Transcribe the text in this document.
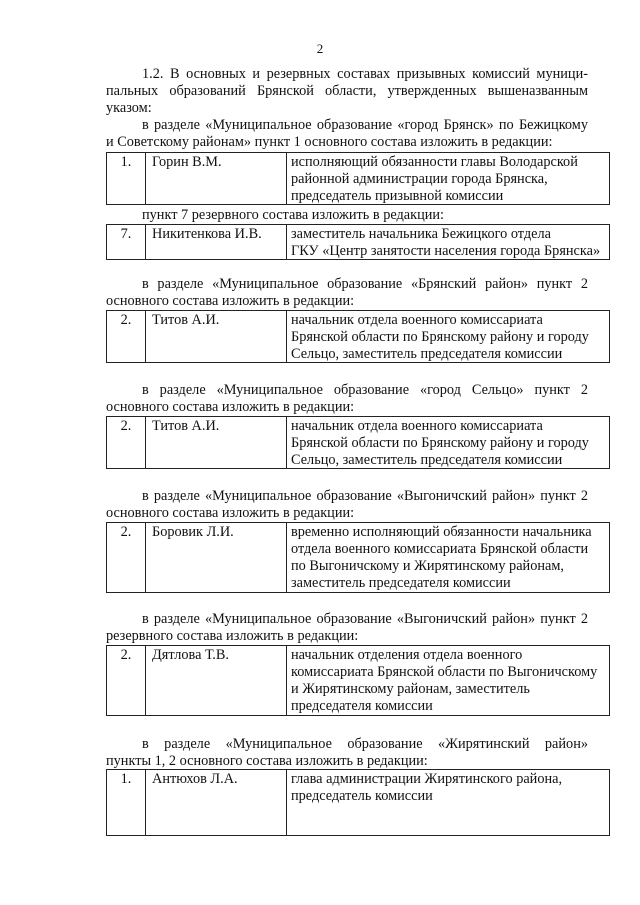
2
1.2. В основных и резервных составах призывных комиссий муници-
пальных образований Брянской области, утвержденных вышеназванным
указом:
в разделе «Муниципальное образование «город Брянск» по Бежицкому
и Советскому районам» пункт 1 основного состава изложить в редакции:
1.	Горин В.М.	исполняющий обязанности главы Володарской
районной администрации города Брянска,
председатель призывной комиссии
пункт 7 резервного состава изложить в редакции:
7.	Никитенкова И.В.	заместитель начальника Бежицкого отдела
ГКУ «Центр занятости населения города Брянска»
в разделе «Муниципальное образование «Брянский район» пункт 2
основного состава изложить в редакции:
2.	Титов А.И.	начальник отдела военного комиссариата
Брянской области по Брянскому району и городу
Сельцо, заместитель председателя комиссии
в разделе «Муниципальное образование «город Сельцо» пункт 2
основного состава изложить в редакции:
2.	Титов А.И.	начальник отдела военного комиссариата
Брянской области по Брянскому району и городу
Сельцо, заместитель председателя комиссии
в разделе «Муниципальное образование «Выгоничский район» пункт 2
основного состава изложить в редакции:
2.	Боровик Л.И.	временно исполняющий обязанности начальника
отдела военного комиссариата Брянской области
по Выгоничскому и Жирятинскому районам,
заместитель председателя комиссии
в разделе «Муниципальное образование «Выгоничский район» пункт 2
резервного состава изложить в редакции:
2.	Дятлова Т.В.	начальник отделения отдела военного
комиссариата Брянской области по Выгоничскому
и Жирятинскому районам, заместитель
председателя комиссии
в разделе «Муниципальное образование «Жирятинский район»
пункты 1, 2 основного состава изложить в редакции:
1.	Антюхов Л.А.	глава администрации Жирятинского района,
председатель комиссии
